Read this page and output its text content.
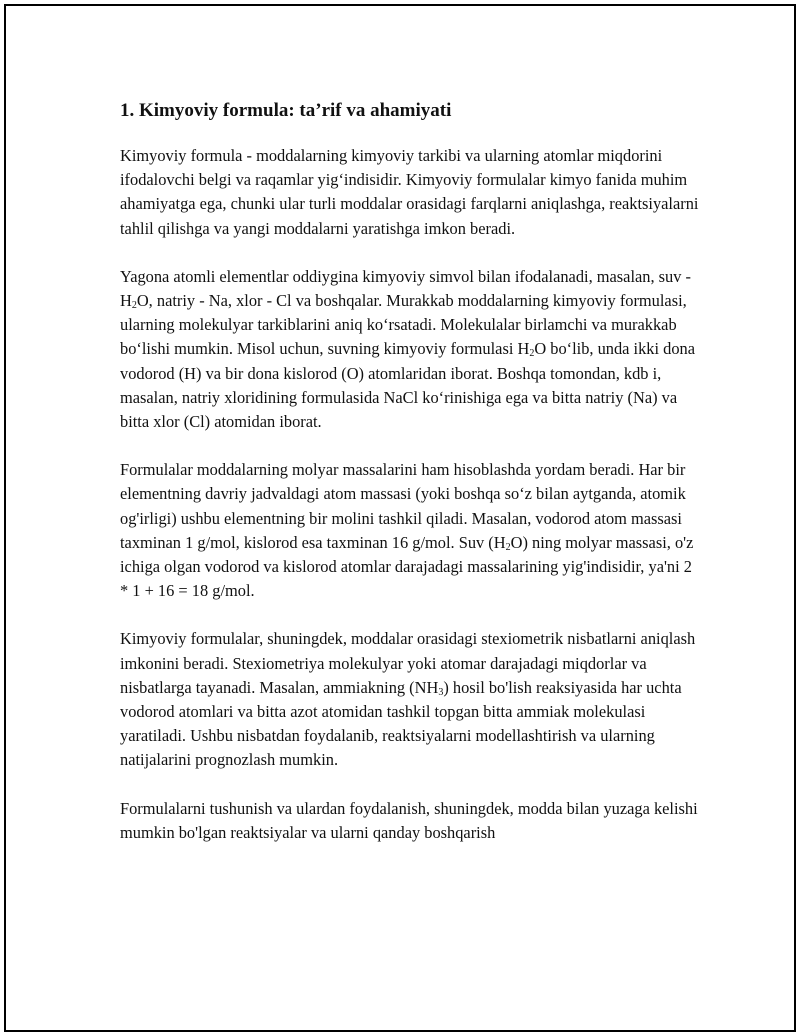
1. Kimyoviy formula: ta’rif va ahamiyati

Kimyoviy formula - moddalarning kimyoviy tarkibi va ularning atomlar miqdorini ifodalovchi belgi va raqamlar yig‘indisidir. Kimyoviy formulalar kimyo fanida muhim ahamiyatga ega, chunki ular turli moddalar orasidagi farqlarni aniqlashga, reaktsiyalarni tahlil qilishga va yangi moddalarni yaratishga imkon beradi.

Yagona atomli elementlar oddiygina kimyoviy simvol bilan ifodalanadi, masalan, suv - $H_2O$, natriy - Na, xlor - Cl va boshqalar. Murakkab moddalarning kimyoviy formulasi, ularning molekulyar tarkiblarini aniq ko‘rsatadi. Molekulalar birlamchi va murakkab bo‘lishi mumkin. Misol uchun, suvning kimyoviy formulasi $H_2O$ bo‘lib, unda ikki dona vodorod (H) va bir dona kislorod (O) atomlaridan iborat. Boshqa tomondan, kdb i, masalan, natriy xloridining formulasida NaCl ko‘rinishiga ega va bitta natriy (Na) va bitta xlor (Cl) atomidan iborat.

Formulalar moddalarning molyar massalarini ham hisoblashda yordam beradi. Har bir elementning davriy jadvaldagi atom massasi (yoki boshqa so‘z bilan aytganda, atomik og'irligi) ushbu elementning bir molini tashkil qiladi. Masalan, vodorod atom massasi taxminan 1 g/mol, kislorod esa taxminan 16 g/mol. Suv $(H_2O)$ ning molyar massasi, o'z ichiga olgan vodorod va kislorod atomlar darajadagi massalarining yig'indisidir, ya'ni 2 * 1 + 16 = 18 g/mol.

Kimyoviy formulalar, shuningdek, moddalar orasidagi stexiometrik nisbatlarni aniqlash imkonini beradi. Stexiometriya molekulyar yoki atomar darajadagi miqdorlar va nisbatlarga tayanadi. Masalan, ammiakning $(NH_3)$ hosil bo'lish reaksiyasida har uchta vodorod atomlari va bitta azot atomidan tashkil topgan bitta ammiak molekulasi yaratiladi. Ushbu nisbatdan foydalanib, reaktsiyalarni modellashtirish va ularning natijalarini prognozlash mumkin.

Formulalarni tushunish va ulardan foydalanish, shuningdek, modda bilan yuzaga kelishi mumkin bo'lgan reaktsiyalar va ularni qanday boshqarish
